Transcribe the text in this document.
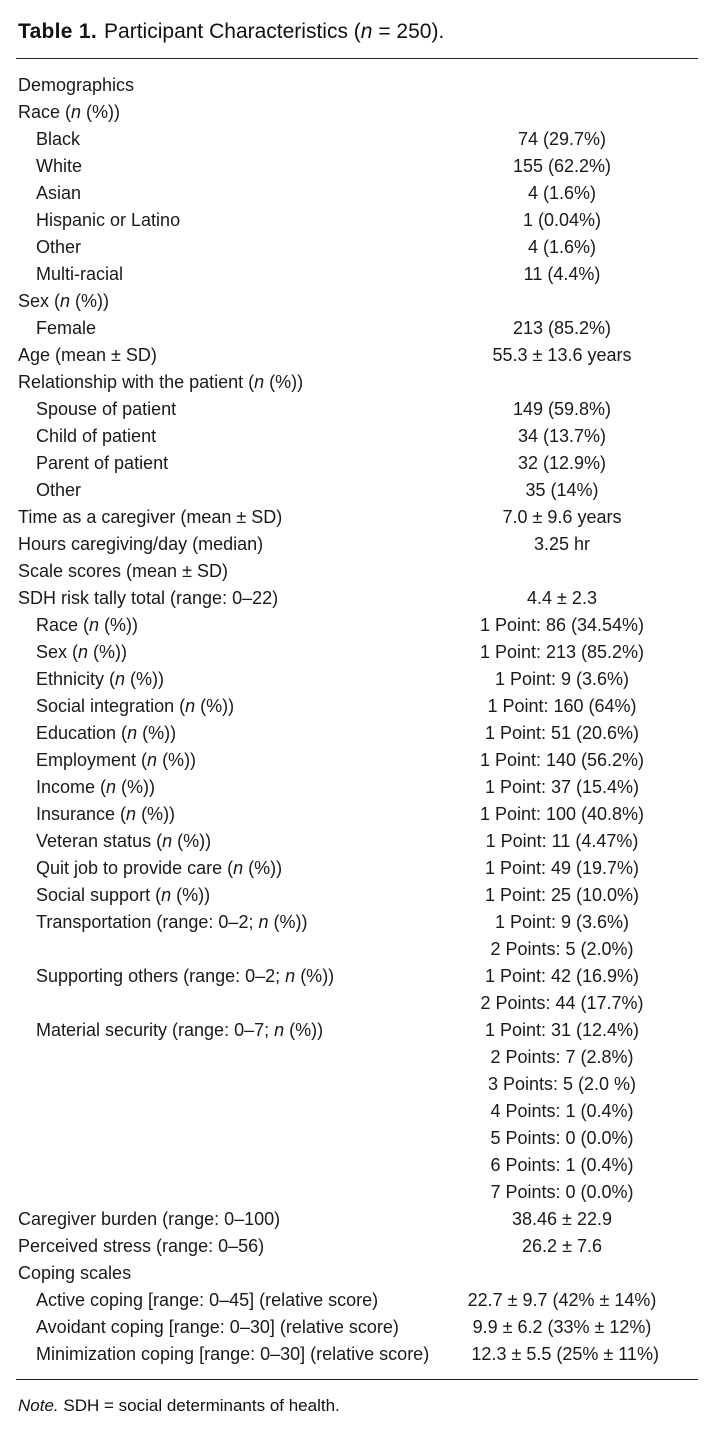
Table 1. Participant Characteristics (n = 250).
Demographics
Race (n (%))
Black	74 (29.7%)
White	155 (62.2%)
Asian	4 (1.6%)
Hispanic or Latino	1 (0.04%)
Other	4 (1.6%)
Multi-racial	11 (4.4%)
Sex (n (%))
Female	213 (85.2%)
Age (mean ± SD)	55.3 ± 13.6 years
Relationship with the patient (n (%))
Spouse of patient	149 (59.8%)
Child of patient	34 (13.7%)
Parent of patient	32 (12.9%)
Other	35 (14%)
Time as a caregiver (mean ± SD)	7.0 ± 9.6 years
Hours caregiving/day (median)	3.25 hr
Scale scores (mean ± SD)
SDH risk tally total (range: 0–22)	4.4 ± 2.3
Race (n (%))	1 Point: 86 (34.54%)
Sex (n (%))	1 Point: 213 (85.2%)
Ethnicity (n (%))	1 Point: 9 (3.6%)
Social integration (n (%))	1 Point: 160 (64%)
Education (n (%))	1 Point: 51 (20.6%)
Employment (n (%))	1 Point: 140 (56.2%)
Income (n (%))	1 Point: 37 (15.4%)
Insurance (n (%))	1 Point: 100 (40.8%)
Veteran status (n (%))	1 Point: 11 (4.47%)
Quit job to provide care (n (%))	1 Point: 49 (19.7%)
Social support (n (%))	1 Point: 25 (10.0%)
Transportation (range: 0–2; n (%))	1 Point: 9 (3.6%)
2 Points: 5 (2.0%)
Supporting others (range: 0–2; n (%))	1 Point: 42 (16.9%)
2 Points: 44 (17.7%)
Material security (range: 0–7; n (%))	1 Point: 31 (12.4%)
2 Points: 7 (2.8%)
3 Points: 5 (2.0 %)
4 Points: 1 (0.4%)
5 Points: 0 (0.0%)
6 Points: 1 (0.4%)
7 Points: 0 (0.0%)
Caregiver burden (range: 0–100)	38.46 ± 22.9
Perceived stress (range: 0–56)	26.2 ± 7.6
Coping scales
Active coping [range: 0–45] (relative score)	22.7 ± 9.7 (42% ± 14%)
Avoidant coping [range: 0–30] (relative score)	9.9 ± 6.2 (33% ± 12%)
Minimization coping [range: 0–30] (relative score)	12.3 ± 5.5 (25% ± 11%)
Note. SDH = social determinants of health.
